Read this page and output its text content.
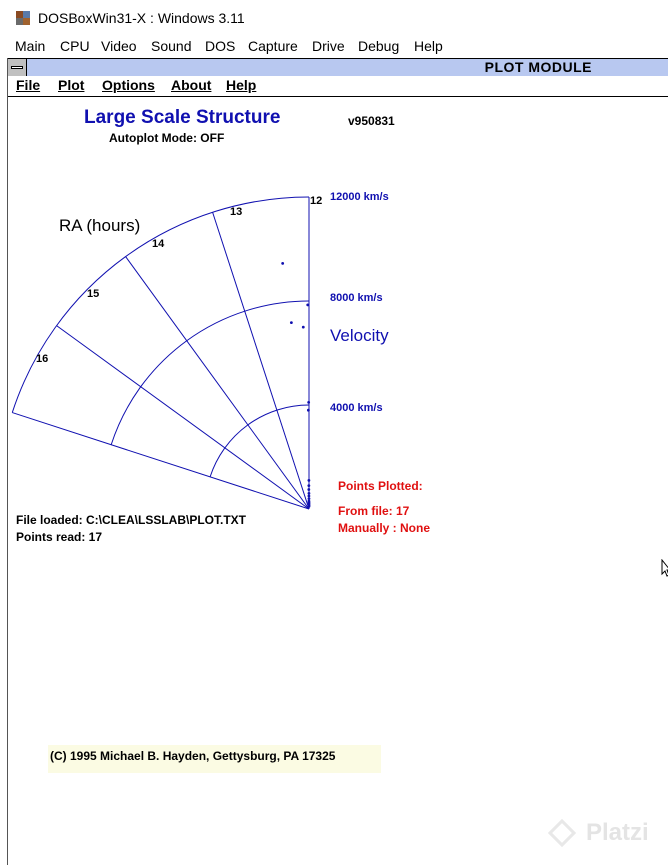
DOSBoxWin31-X : Windows 3.11
Main CPU Video Sound DOS Capture Drive Debug Help
PLOT MODULE
File Plot Options About Help
Large Scale Structure	v950831
Autoplot Mode: OFF
RA (hours)
12
13
14
15
16
12000 km/s
8000 km/s
4000 km/s
Velocity
Points Plotted:
From file: 17
Manually : None
File loaded: C:\CLEA\LSSLAB\PLOT.TXT
Points read: 17
(C) 1995 Michael B. Hayden, Gettysburg, PA 17325
Platzi
